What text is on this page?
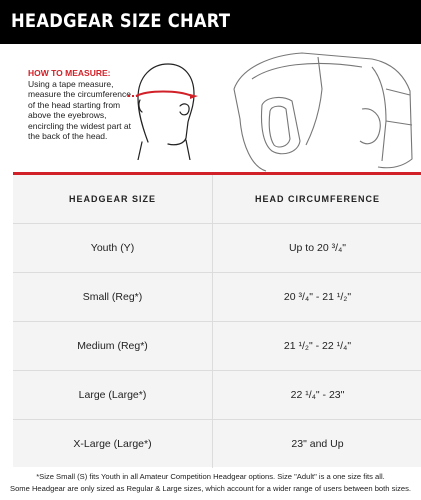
HEADGEAR SIZE CHART
HOW TO MEASURE:
Using a tape measure, measure the circumference of the head starting from above the eyebrows, encircling the widest part at the back of the head.
HEADGEAR SIZE	HEAD CIRCUMFERENCE
Youth (Y)	Up to 20 ³/₄"
Small (Reg*)	20 ³/₄" - 21 ¹/₂"
Medium (Reg*)	21 ¹/₂" - 22 ¹/₄"
Large (Large*)	22 ¹/₄" - 23"
X-Large (Large*)	23" and Up
*Size Small (S) fits Youth in all Amateur Competition Headgear options. Size "Adult" is a one size fits all.
Some Headgear are only sized as Regular & Large sizes, which account for a wider range of users between both sizes.
